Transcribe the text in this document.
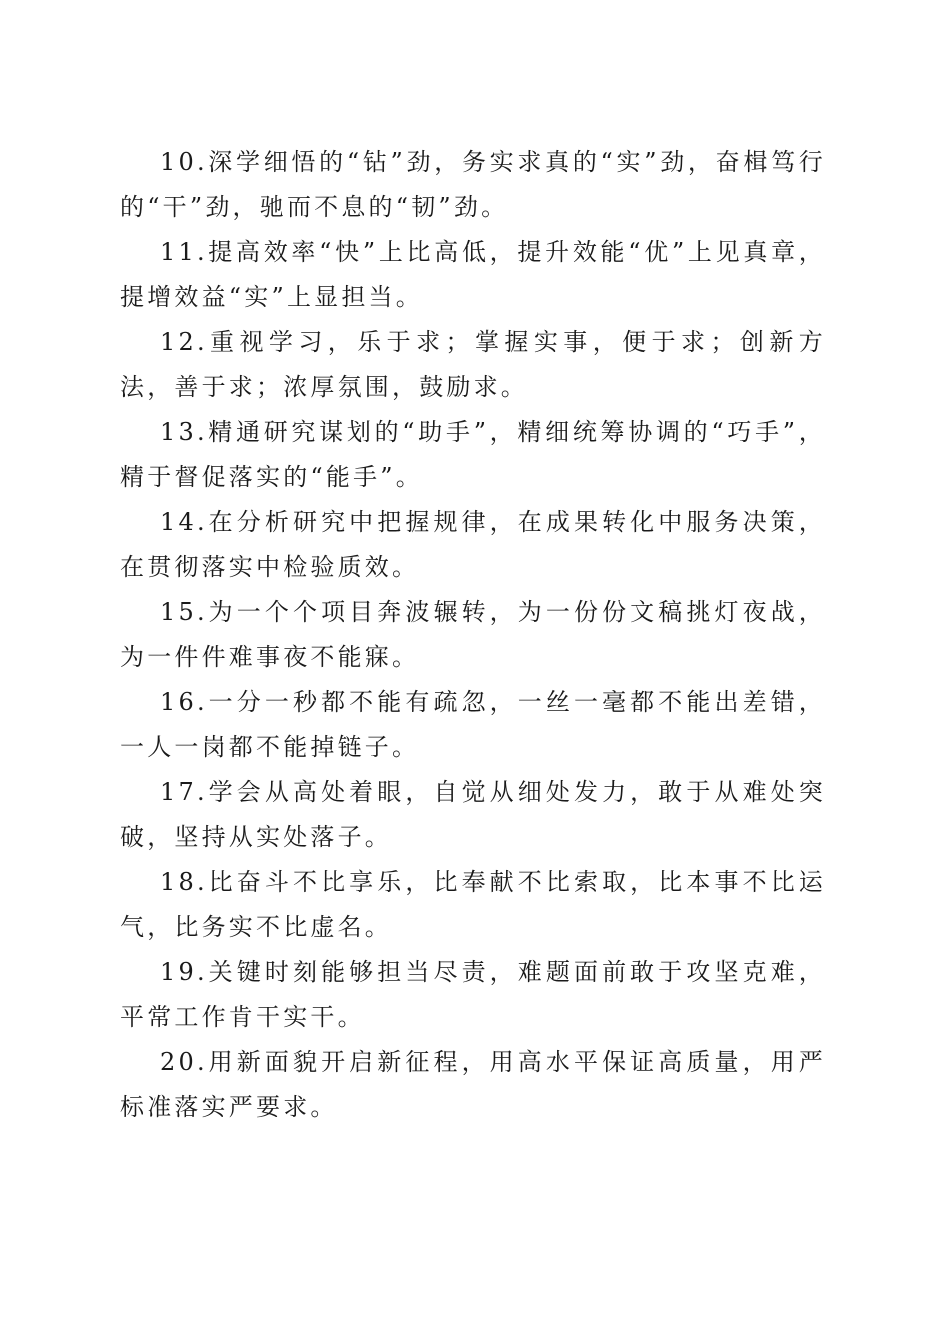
10.深学细悟的“钻”劲，务实求真的“实”劲，奋楫笃行的“干”劲，驰而不息的“韧”劲。

11.提高效率“快”上比高低，提升效能“优”上见真章，提增效益“实”上显担当。

12.重视学习，乐于求；掌握实事，便于求；创新方法，善于求；浓厚氛围，鼓励求。

13.精通研究谋划的“助手”，精细统筹协调的“巧手”，精于督促落实的“能手”。

14.在分析研究中把握规律，在成果转化中服务决策，在贯彻落实中检验质效。

15.为一个个项目奔波辗转，为一份份文稿挑灯夜战，为一件件难事夜不能寐。

16.一分一秒都不能有疏忽，一丝一毫都不能出差错，一人一岗都不能掉链子。

17.学会从高处着眼，自觉从细处发力，敢于从难处突破，坚持从实处落子。

18.比奋斗不比享乐，比奉献不比索取，比本事不比运气，比务实不比虚名。

19.关键时刻能够担当尽责，难题面前敢于攻坚克难，平常工作肯干实干。

20.用新面貌开启新征程，用高水平保证高质量，用严标准落实严要求。
